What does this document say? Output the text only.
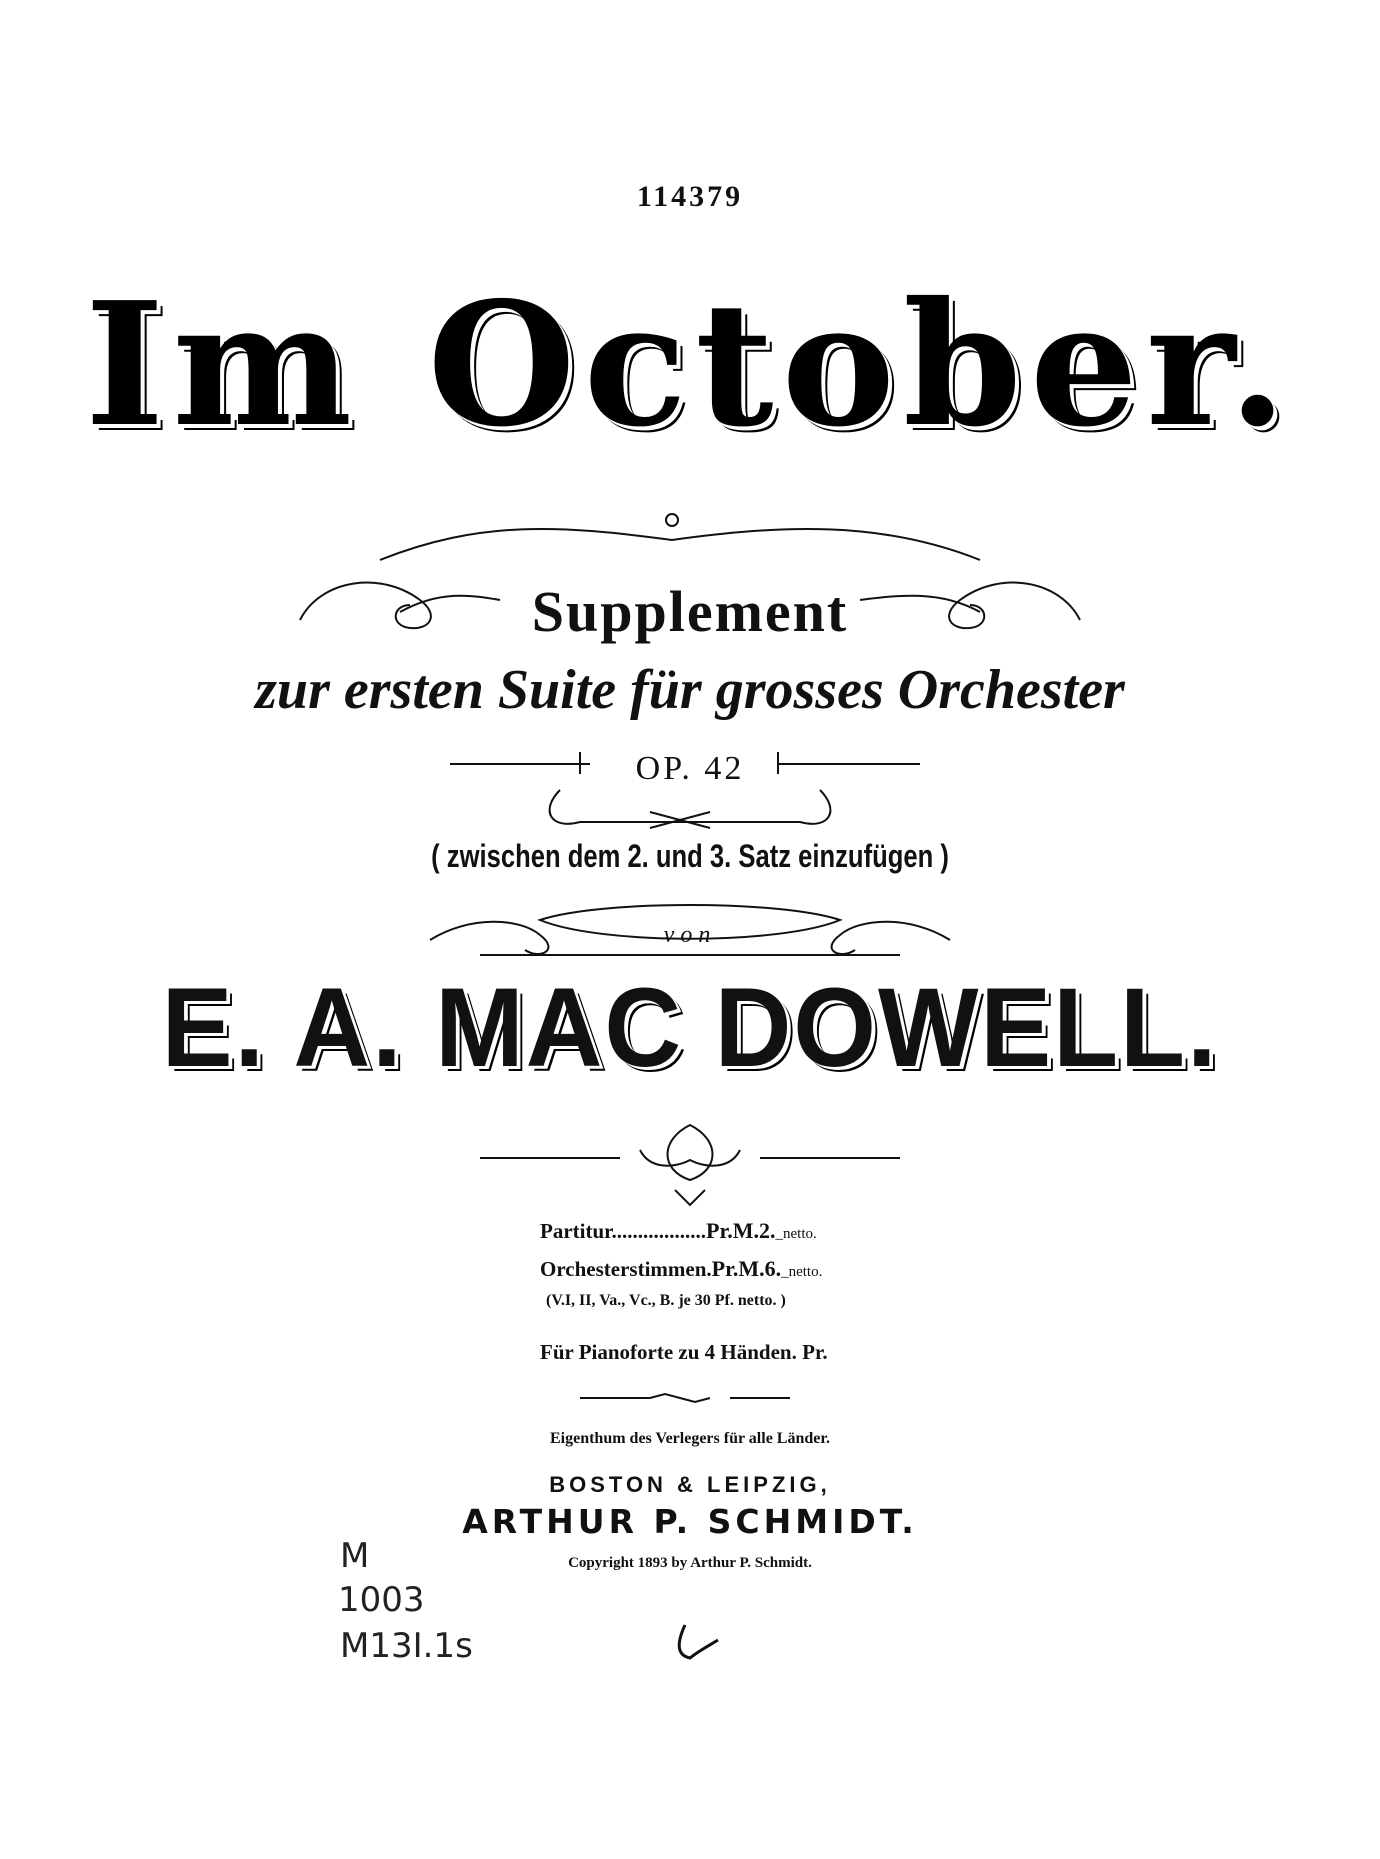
114379
Im October.
Supplement
zur ersten Suite für grosses Orchester
OP. 42
( zwischen dem 2. und 3. Satz einzufügen )
von
E. A. MAC DOWELL.
Partitur..................Pr.M.2._netto.
Orchesterstimmen.Pr.M.6._netto.
(V.I, II, Va., Vc., B. je 30 Pf. netto. )
Für Pianoforte zu 4 Händen. Pr.
Eigenthum des Verlegers für alle Länder.
BOSTON & LEIPZIG,
ARTHUR P. SCHMIDT.
Copyright 1893 by Arthur P. Schmidt.
M
1003
M13I.1s
